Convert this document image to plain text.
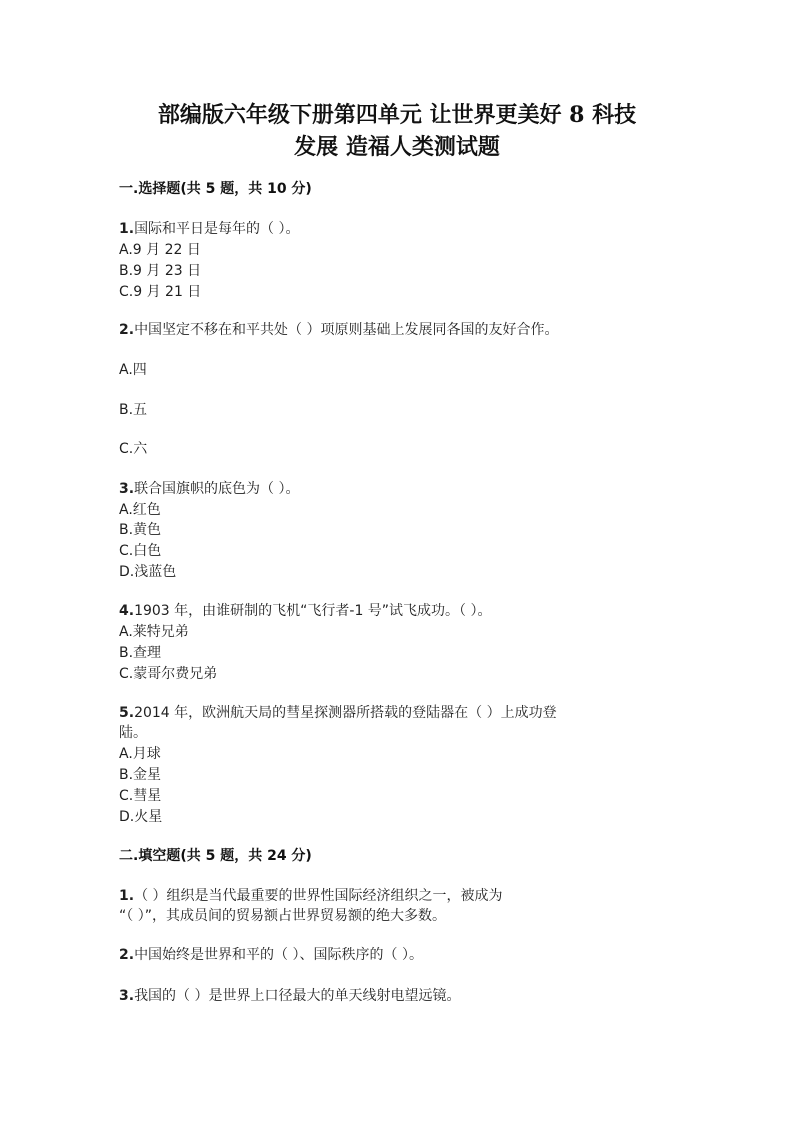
部编版六年级下册第四单元 让世界更美好 8 科技
发展 造福人类测试题
一.选择题(共 5 题，共 10 分)
1.国际和平日是每年的（ ）。
A.9 月 22 日
B.9 月 23 日
C.9 月 21 日
2.中国坚定不移在和平共处（ ）项原则基础上发展同各国的友好合作。
A.四
B.五
C.六
3.联合国旗帜的底色为（ ）。
A.红色
B.黄色
C.白色
D.浅蓝色
4.1903 年，由谁研制的飞机“飞行者-1 号”试飞成功。（ ）。
A.莱特兄弟
B.查理
C.蒙哥尔费兄弟
5.2014 年，欧洲航天局的彗星探测器所搭载的登陆器在（ ）上成功登
陆。
A.月球
B.金星
C.彗星
D.火星
二.填空题(共 5 题，共 24 分)
1.（ ）组织是当代最重要的世界性国际经济组织之一，被成为
“（ ）”，其成员间的贸易额占世界贸易额的绝大多数。
2.中国始终是世界和平的（ ）、国际秩序的（ ）。
3.我国的（ ）是世界上口径最大的单天线射电望远镜。
